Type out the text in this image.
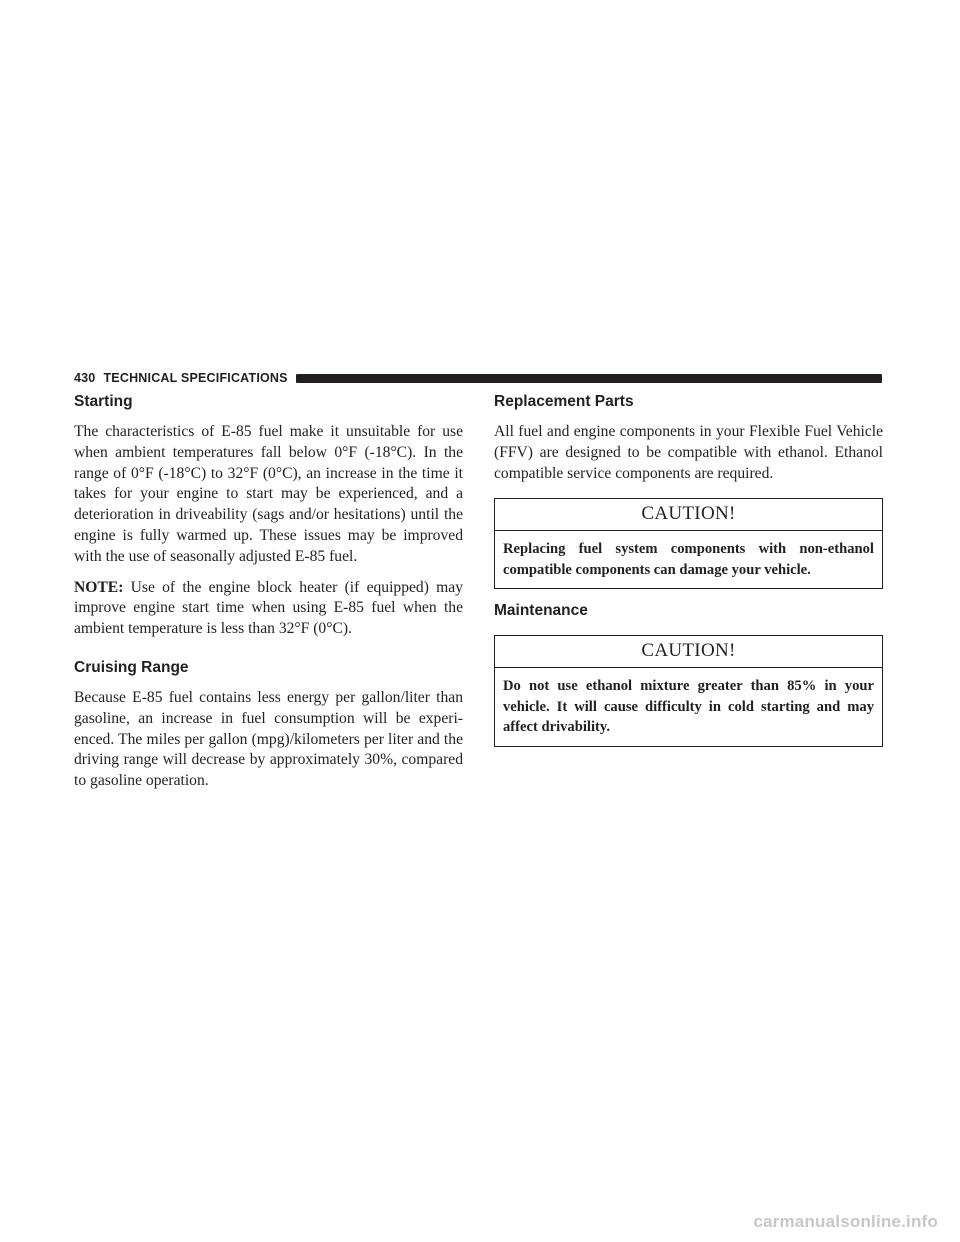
430 TECHNICAL SPECIFICATIONS
Starting

The characteristics of E-85 fuel make it unsuitable for use when ambient temperatures fall below 0°F (-18°C). In the range of 0°F (-18°C) to 32°F (0°C), an increase in the time it takes for your engine to start may be experienced, and a deterioration in driveability (sags and/or hesitations) until the engine is fully warmed up. These issues may be improved with the use of seasonally adjusted E-85 fuel.

NOTE: Use of the engine block heater (if equipped) may improve engine start time when using E-85 fuel when the ambient temperature is less than 32°F (0°C).

Cruising Range

Because E-85 fuel contains less energy per gallon/liter than gasoline, an increase in fuel consumption will be experi-enced. The miles per gallon (mpg)/kilometers per liter and the driving range will decrease by approximately 30%, compared to gasoline operation.

Replacement Parts

All fuel and engine components in your Flexible Fuel Vehicle (FFV) are designed to be compatible with ethanol. Ethanol compatible service components are required.

CAUTION!
Replacing fuel system components with non-ethanol compatible components can damage your vehicle.
Maintenance
CAUTION!
Do not use ethanol mixture greater than 85% in your vehicle. It will cause difficulty in cold starting and may affect drivability.
carmanualsonline.info
